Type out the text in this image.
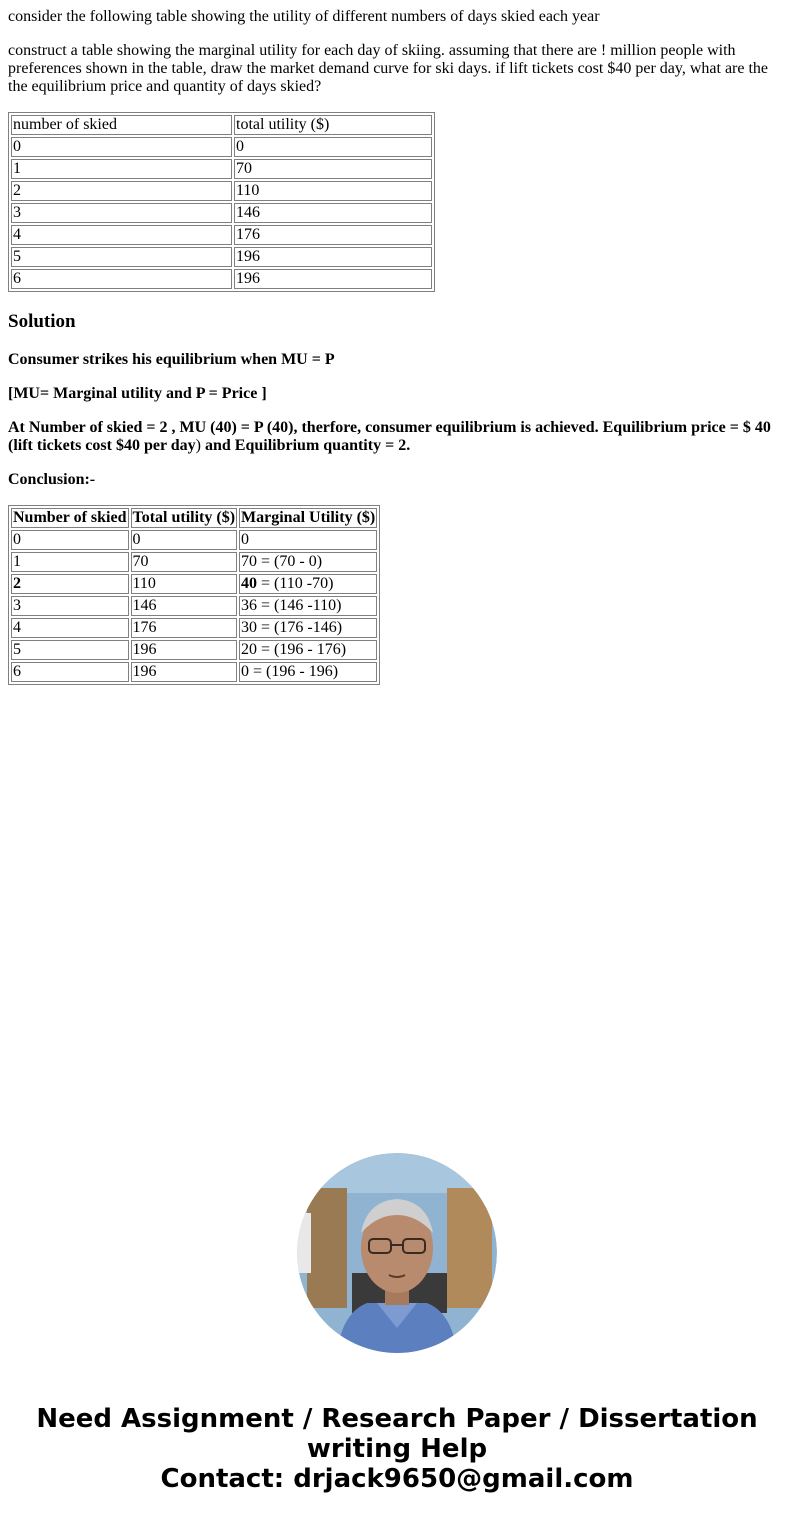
consider the following table showing the utility of different numbers of days skied each year

construct a table showing the marginal utility for each day of skiing. assuming that there are ! million people with preferences shown in the table, draw the market demand curve for ski days. if lift tickets cost $40 per day, what are the the equilibrium price and quantity of days skied?

number of skied	total utility ($)
0	0
1	70
2	110
3	146
4	176
5	196
6	196
Solution

Consumer strikes his equilibrium when MU = P

[MU= Marginal utility and P = Price ]

At Number of skied = 2 , MU (40) = P (40), therfore, consumer equilibrium is achieved. Equilibrium price = $ 40 (lift tickets cost $40 per day) and Equilibrium quantity = 2.

Conclusion:-

Number of skied	Total utility ($)	Marginal Utility ($)
0	0	0
1	70	70 = (70 - 0)
2	110	40 = (110 -70)
3	146	36 = (146 -110)
4	176	30 = (176 -146)
5	196	20 = (196 - 176)
6	196	0 = (196 - 196)
Need Assignment / Research Paper / Dissertation
writing Help
Contact: drjack9650@gmail.com
